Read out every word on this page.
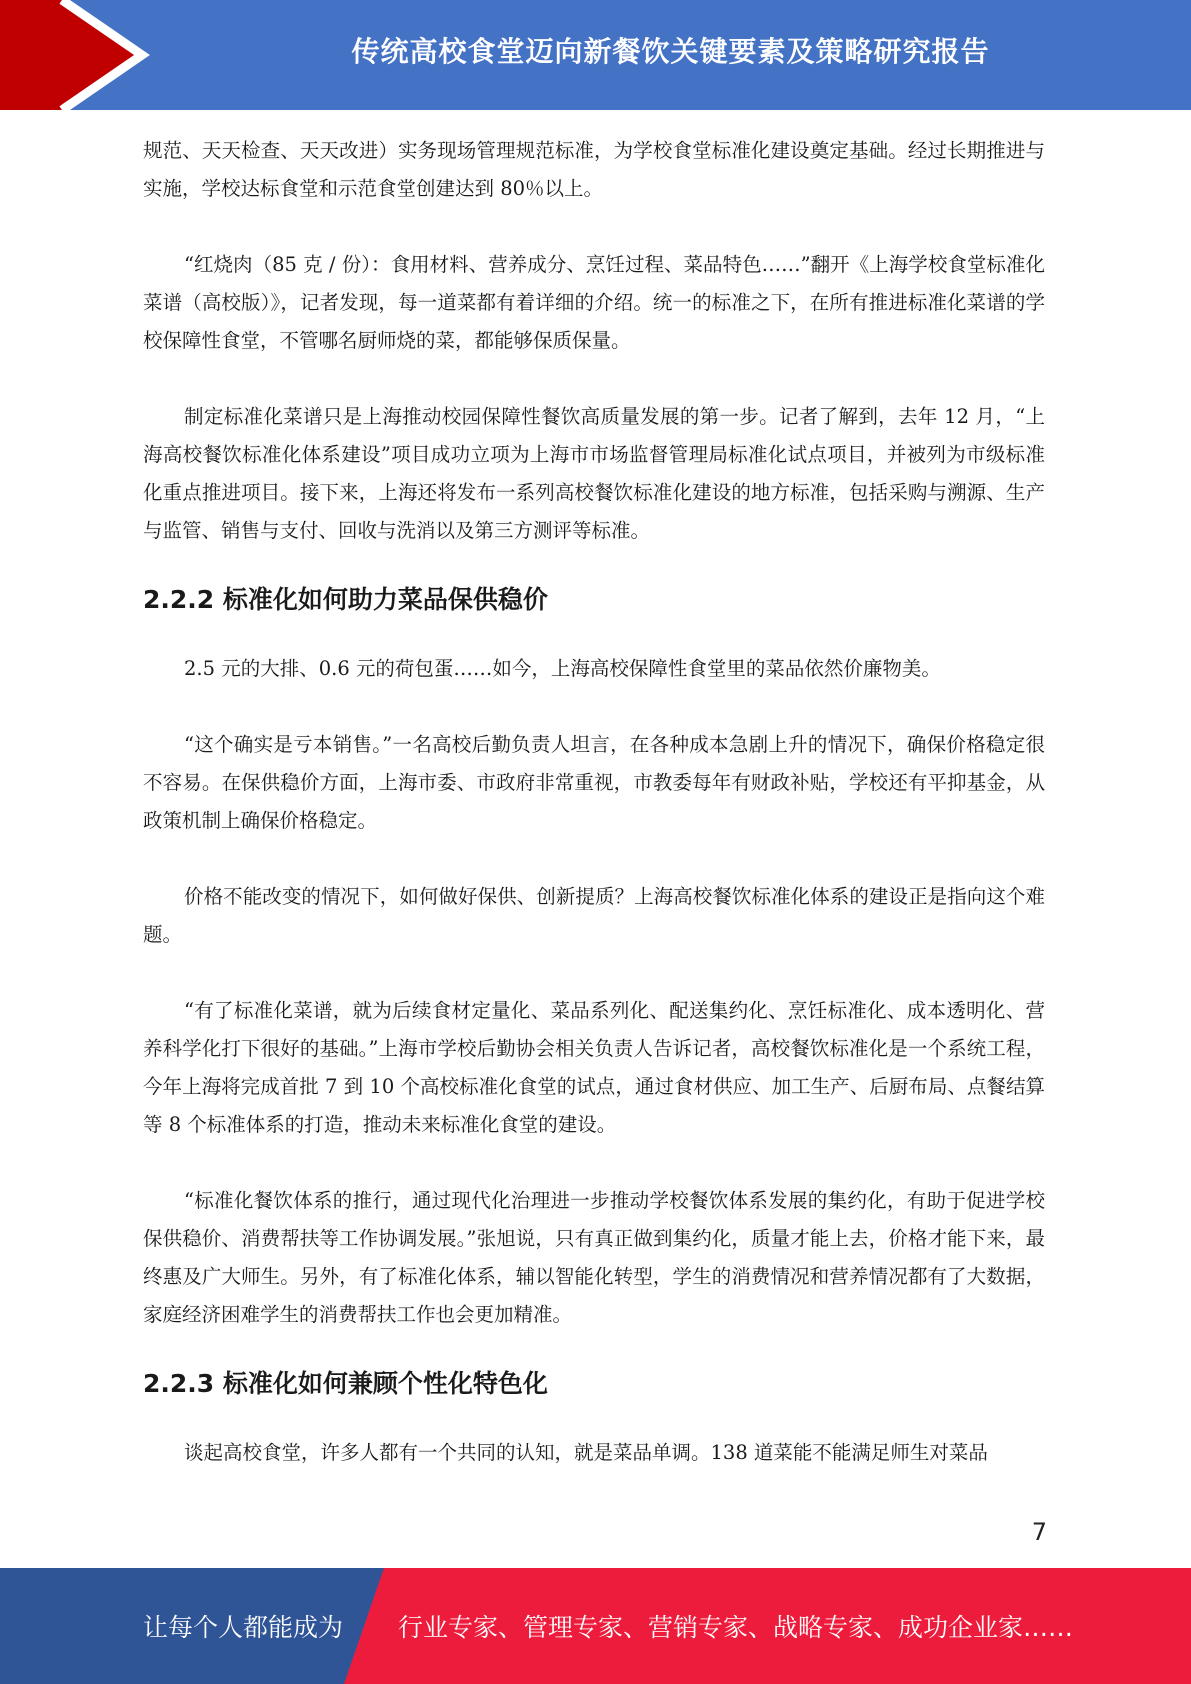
传统高校食堂迈向新餐饮关键要素及策略研究报告

规范、天天检查、天天改进）实务现场管理规范标准，为学校食堂标准化建设奠定基础。经过长期推进与实施，学校达标食堂和示范食堂创建达到 80％以上。

“红烧肉（85 克 / 份）：食用材料、营养成分、烹饪过程、菜品特色……”翻开《上海学校食堂标准化菜谱（高校版）》，记者发现，每一道菜都有着详细的介绍。统一的标准之下，在所有推进标准化菜谱的学校保障性食堂，不管哪名厨师烧的菜，都能够保质保量。

制定标准化菜谱只是上海推动校园保障性餐饮高质量发展的第一步。记者了解到，去年 12 月，“上海高校餐饮标准化体系建设”项目成功立项为上海市市场监督管理局标准化试点项目，并被列为市级标准化重点推进项目。接下来，上海还将发布一系列高校餐饮标准化建设的地方标准，包括采购与溯源、生产与监管、销售与支付、回收与洗消以及第三方测评等标准。

2.2.2 标准化如何助力菜品保供稳价

2.5 元的大排、0.6 元的荷包蛋……如今，上海高校保障性食堂里的菜品依然价廉物美。

“这个确实是亏本销售。”一名高校后勤负责人坦言，在各种成本急剧上升的情况下，确保价格稳定很不容易。在保供稳价方面，上海市委、市政府非常重视，市教委每年有财政补贴，学校还有平抑基金，从政策机制上确保价格稳定。

价格不能改变的情况下，如何做好保供、创新提质？上海高校餐饮标准化体系的建设正是指向这个难题。

“有了标准化菜谱，就为后续食材定量化、菜品系列化、配送集约化、烹饪标准化、成本透明化、营养科学化打下很好的基础。”上海市学校后勤协会相关负责人告诉记者，高校餐饮标准化是一个系统工程，今年上海将完成首批 7 到 10 个高校标准化食堂的试点，通过食材供应、加工生产、后厨布局、点餐结算等 8 个标准体系的打造，推动未来标准化食堂的建设。

“标准化餐饮体系的推行，通过现代化治理进一步推动学校餐饮体系发展的集约化，有助于促进学校保供稳价、消费帮扶等工作协调发展。”张旭说，只有真正做到集约化，质量才能上去，价格才能下来，最终惠及广大师生。另外，有了标准化体系，辅以智能化转型，学生的消费情况和营养情况都有了大数据，家庭经济困难学生的消费帮扶工作也会更加精准。

2.2.3 标准化如何兼顾个性化特色化

谈起高校食堂，许多人都有一个共同的认知，就是菜品单调。138 道菜能不能满足师生对菜品

7
让每个人都能成为 行业专家、管理专家、营销专家、战略专家、成功企业家……
